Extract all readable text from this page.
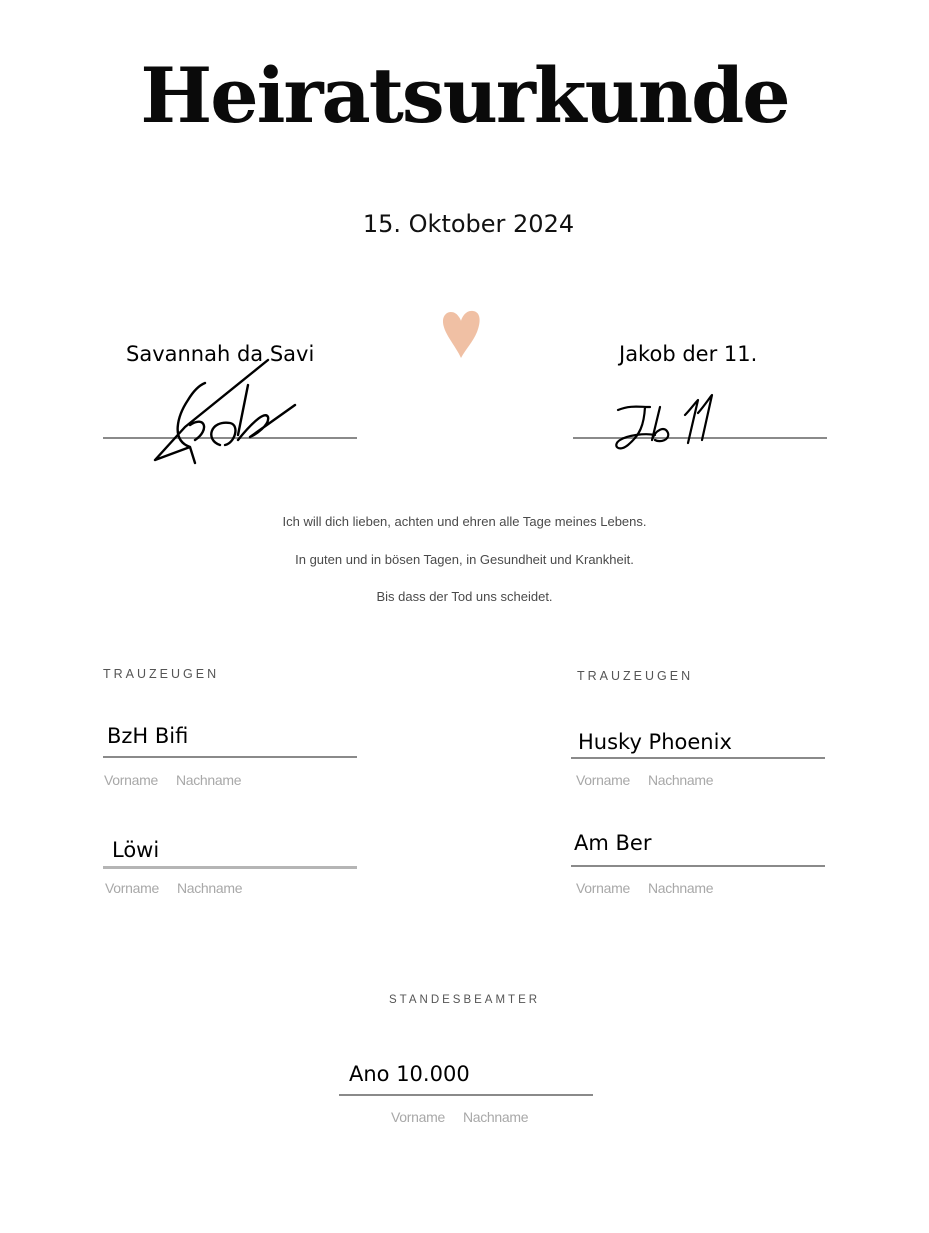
Heiratsurkunde
15. Oktober 2024
Savannah da Savi	Jakob der 11.
Ich will dich lieben, achten und ehren alle Tage meines Lebens.
In guten und in bösen Tagen, in Gesundheit und Krankheit.
Bis dass der Tod uns scheidet.
TRAUZEUGEN	TRAUZEUGEN
BzH Bifi
Vorname Nachname
Husky Phoenix
Vorname Nachname
Löwi
Vorname Nachname
Am Ber
Vorname Nachname
STANDESBEAMTER
Ano 10.000
Vorname Nachname
